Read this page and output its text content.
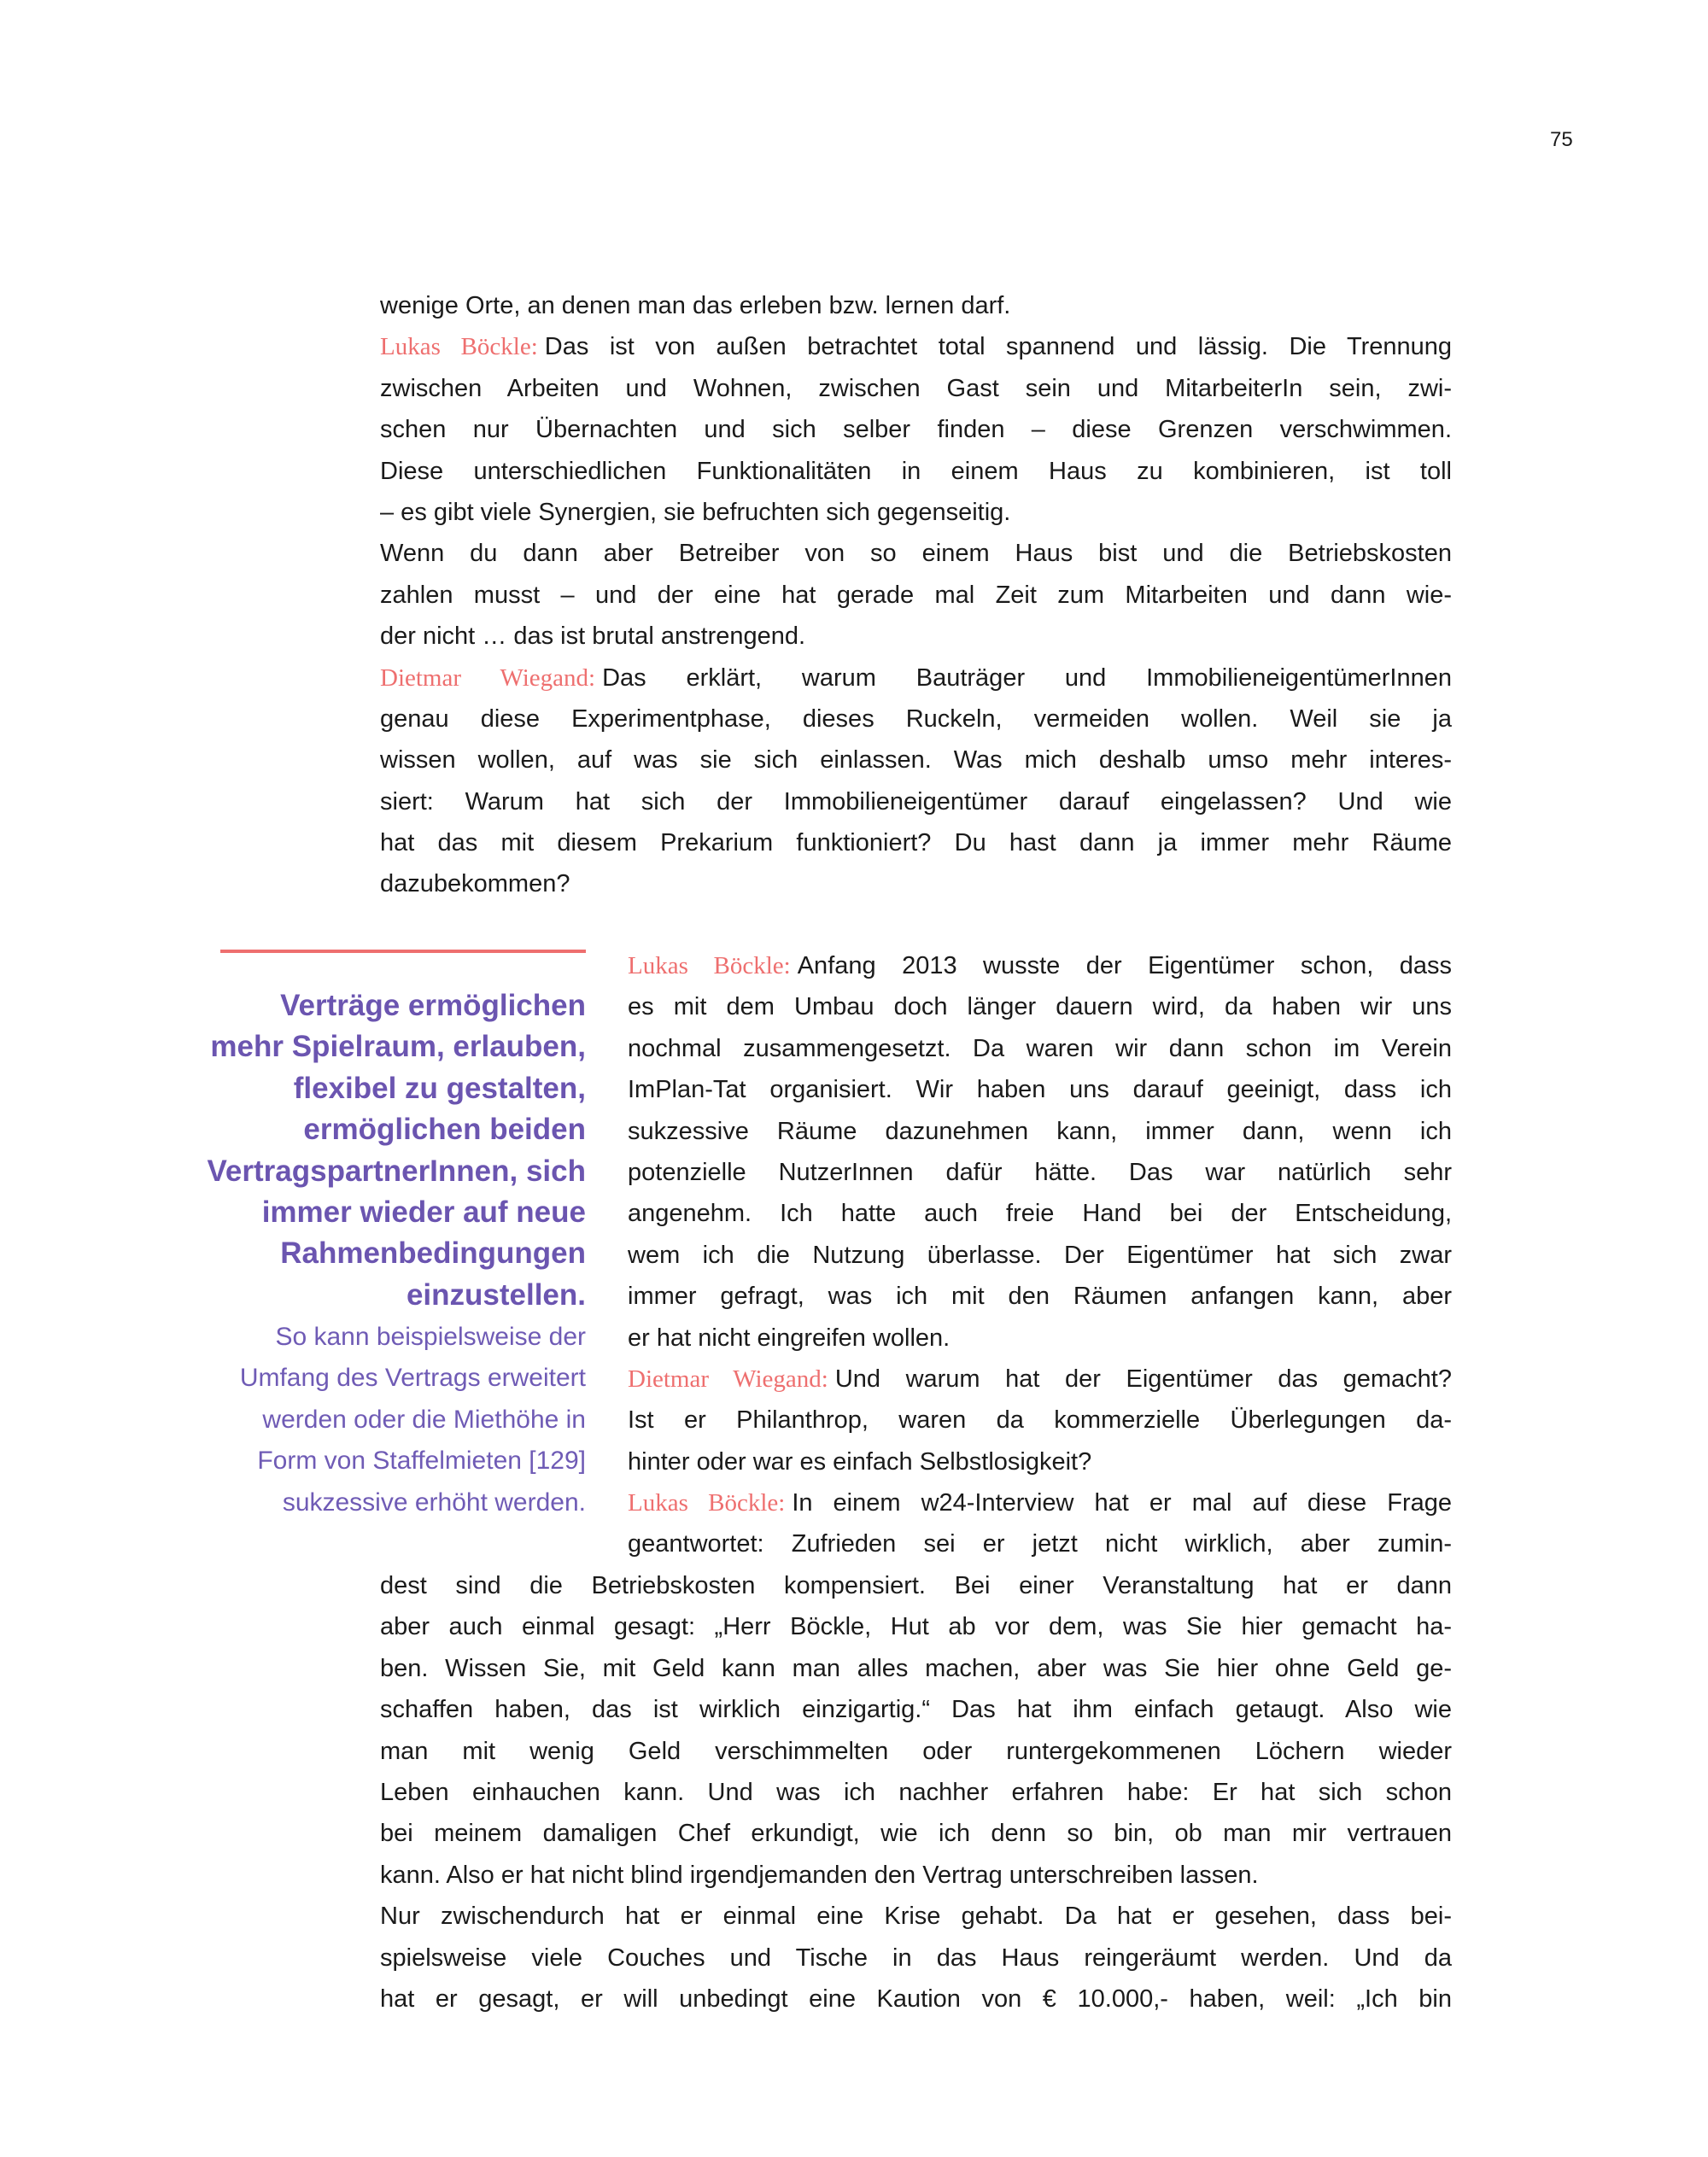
75
wenige Orte, an denen man das erleben bzw. lernen darf.
Lukas Böckle: Das ist von außen betrachtet total spannend und lässig. Die Trennung
zwischen Arbeiten und Wohnen, zwischen Gast sein und MitarbeiterIn sein, zwi-
schen nur Übernachten und sich selber finden – diese Grenzen verschwimmen.
Diese unterschiedlichen Funktionalitäten in einem Haus zu kombinieren, ist toll
– es gibt viele Synergien, sie befruchten sich gegenseitig.
Wenn du dann aber Betreiber von so einem Haus bist und die Betriebskosten
zahlen musst – und der eine hat gerade mal Zeit zum Mitarbeiten und dann wie-
der nicht … das ist brutal anstrengend.
Dietmar Wiegand: Das erklärt, warum Bauträger und ImmobilieneigentümerInnen
genau diese Experimentphase, dieses Ruckeln, vermeiden wollen. Weil sie ja
wissen wollen, auf was sie sich einlassen. Was mich deshalb umso mehr interes-
siert: Warum hat sich der Immobilieneigentümer darauf eingelassen? Und wie
hat das mit diesem Prekarium funktioniert? Du hast dann ja immer mehr Räume
dazubekommen?
Verträge ermöglichen
mehr Spielraum, erlauben,
flexibel zu gestalten,
ermöglichen beiden
VertragspartnerInnen, sich
immer wieder auf neue
Rahmenbedingungen
einzustellen.
So kann beispielsweise der
Umfang des Vertrags erweitert
werden oder die Miethöhe in
Form von Staffelmieten [129]
sukzessive erhöht werden.
Lukas Böckle: Anfang 2013 wusste der Eigentümer schon, dass
es mit dem Umbau doch länger dauern wird, da haben wir uns
nochmal zusammengesetzt. Da waren wir dann schon im Verein
ImPlan-Tat organisiert. Wir haben uns darauf geeinigt, dass ich
sukzessive Räume dazunehmen kann, immer dann, wenn ich
potenzielle NutzerInnen dafür hätte. Das war natürlich sehr
angenehm. Ich hatte auch freie Hand bei der Entscheidung,
wem ich die Nutzung überlasse. Der Eigentümer hat sich zwar
immer gefragt, was ich mit den Räumen anfangen kann, aber
er hat nicht eingreifen wollen.
Dietmar Wiegand: Und warum hat der Eigentümer das gemacht?
Ist er Philanthrop, waren da kommerzielle Überlegungen da-
hinter oder war es einfach Selbstlosigkeit?
Lukas Böckle: In einem w24-Interview hat er mal auf diese Frage
geantwortet: Zufrieden sei er jetzt nicht wirklich, aber zumin-
dest sind die Betriebskosten kompensiert. Bei einer Veranstaltung hat er dann
aber auch einmal gesagt: „Herr Böckle, Hut ab vor dem, was Sie hier gemacht ha-
ben. Wissen Sie, mit Geld kann man alles machen, aber was Sie hier ohne Geld ge-
schaffen haben, das ist wirklich einzigartig.“ Das hat ihm einfach getaugt. Also wie
man mit wenig Geld verschimmelten oder runtergekommenen Löchern wieder
Leben einhauchen kann. Und was ich nachher erfahren habe: Er hat sich schon
bei meinem damaligen Chef erkundigt, wie ich denn so bin, ob man mir vertrauen
kann. Also er hat nicht blind irgendjemanden den Vertrag unterschreiben lassen.
Nur zwischendurch hat er einmal eine Krise gehabt. Da hat er gesehen, dass bei-
spielsweise viele Couches und Tische in das Haus reingeräumt werden. Und da
hat er gesagt, er will unbedingt eine Kaution von € 10.000,- haben, weil: „Ich bin
